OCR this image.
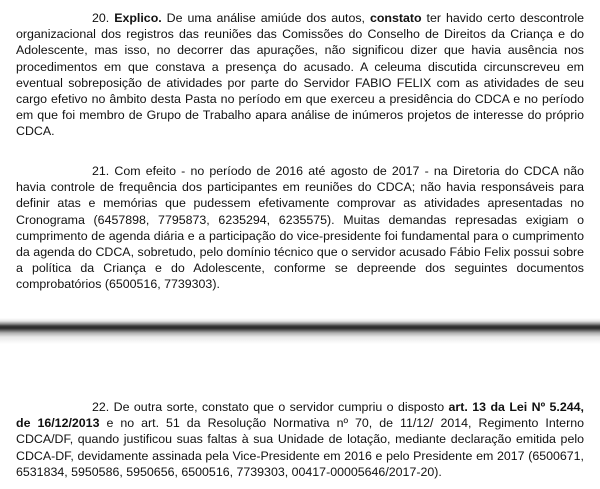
20. Explico. De uma análise amiúde dos autos, constato ter havido certo descontrole organizacional dos registros das reuniões das Comissões do Conselho de Direitos da Criança e do Adolescente, mas isso, no decorrer das apurações, não significou dizer que havia ausência nos procedimentos em que constava a presença do acusado. A celeuma discutida circunscreveu em eventual sobreposição de atividades por parte do Servidor FABIO FELIX com as atividades de seu cargo efetivo no âmbito desta Pasta no período em que exerceu a presidência do CDCA e no período em que foi membro de Grupo de Trabalho apara análise de inúmeros projetos de interesse do próprio CDCA.

21. Com efeito - no período de 2016 até agosto de 2017 - na Diretoria do CDCA não havia controle de frequência dos participantes em reuniões do CDCA; não havia responsáveis para definir atas e memórias que pudessem efetivamente comprovar as atividades apresentadas no Cronograma (6457898, 7795873, 6235294, 6235575). Muitas demandas represadas exigiam o cumprimento de agenda diária e a participação do vice-presidente foi fundamental para o cumprimento da agenda do CDCA, sobretudo, pelo domínio técnico que o servidor acusado Fábio Felix possui sobre a política da Criança e do Adolescente, conforme se depreende dos seguintes documentos comprobatórios (6500516, 7739303).

22. De outra sorte, constato que o servidor cumpriu o disposto art. 13 da Lei Nº 5.244, de 16/12/2013 e no art. 51 da Resolução Normativa nº 70, de 11/12/ 2014, Regimento Interno CDCA/DF, quando justificou suas faltas à sua Unidade de lotação, mediante declaração emitida pelo CDCA-DF, devidamente assinada pela Vice-Presidente em 2016 e pelo Presidente em 2017 (6500671, 6531834, 5950586, 5950656, 6500516, 7739303, 00417-00005646/2017-20).
